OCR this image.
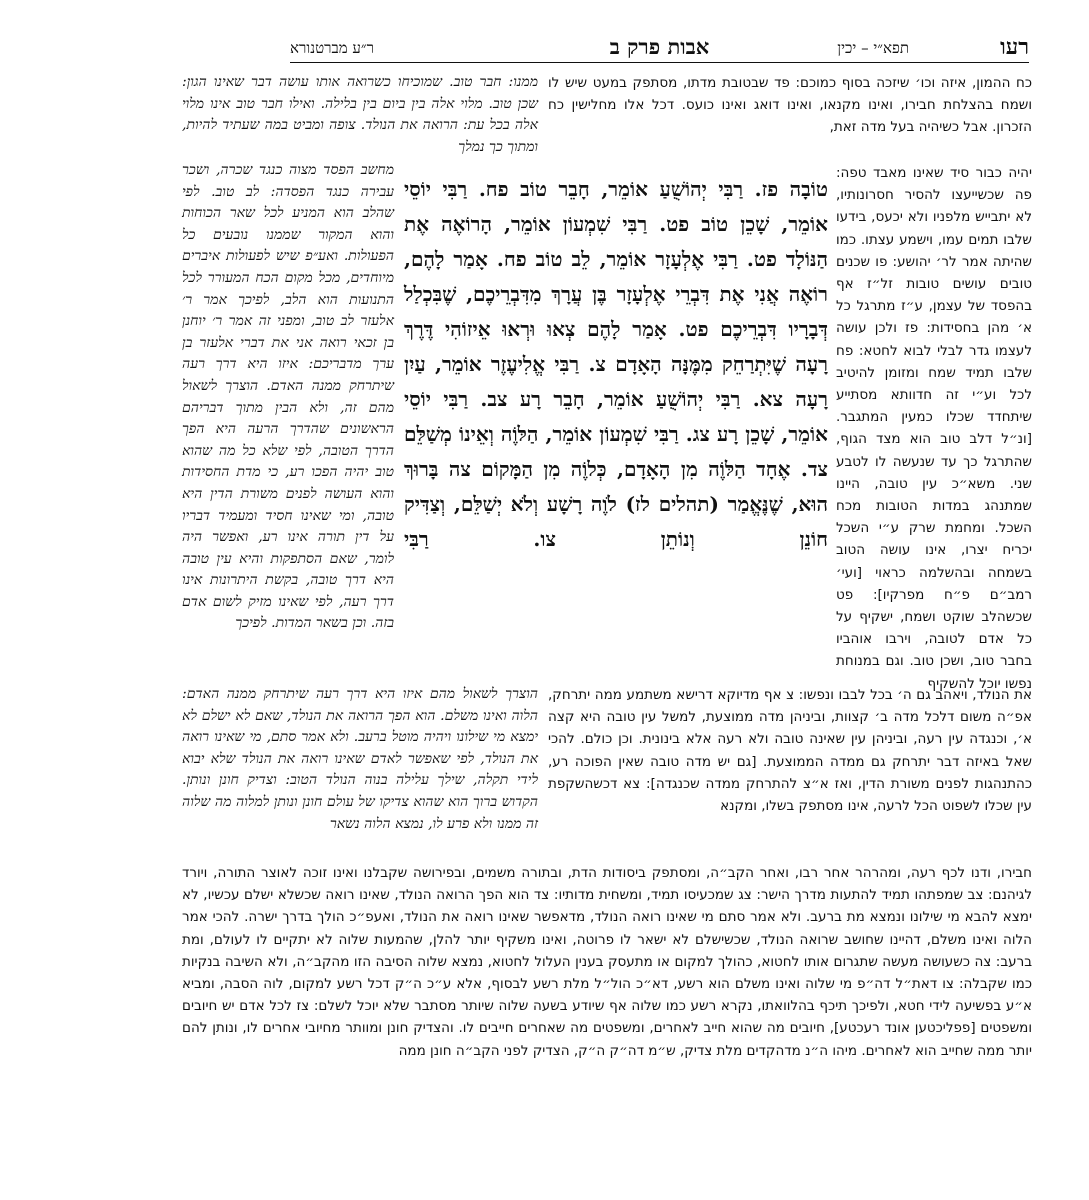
רעו
תפא״י – יכין
אבות פרק ב
ר״ע מברטנורא

כח ההמון, איזה וכו׳ שיזכה בסוף כמוכם: פד שבטובת מדתו, מסתפק במעט שיש לו ושמח בהצלחת חבירו, ואינו מקנאו, ואינו דואג ואינו כועס. דכל אלו מחלישין כח הזכרון. אבל כשיהיה בעל מדה זאת,

יהיה כבור סיד שאינו מאבד טפה: פה שכשייעצו להסיר חסרונותיו, לא יתבייש מלפניו ולא יכעס, בידעו שלבו תמים עמו, וישמע עצתו. כמו שהיתה אמר לר׳ יהושע: פו שכנים טובים עושים טובות זל״ז אף בהפסד של עצמן, ע״ז מתרגל כל א׳ מהן בחסידות: פז ולכן עושה לעצמו גדר לבלי לבוא לחטא: פח שלבו תמיד שמח ומזומן להיטיב לכל וע״י זה חדוותא מסתייע שיתחדד שכלו כמעין המתגבר. [ונ״ל דלב טוב הוא מצד הגוף, שהתרגל כך עד שנעשה לו לטבע שני. משא״כ עין טובה, היינו שמתנהג במדות הטובות מכח השכל. ומחמת שרק ע״י השכל יכריח יצרו, אינו עושה הטוב בשמחה ובהשלמה כראוי [ועי׳ רמב״ם פ״ח מפרקיו]: פט שכשהלב שוקט ושמח, ישקיף על כל אדם לטובה, וירבו אוהביו בחבר טוב, ושכן טוב. וגם במנוחת נפשו יוכל להשקיף

את הנולד, ויאהב גם ה׳ בכל לבבו ונפשו: צ אף מדיוקא דרישא משתמע ממה יתרחק, אפ״ה משום דלכל מדה ב׳ קצוות, וביניהן מדה ממוצעת, למשל עין טובה היא קצה א׳, וכנגדה עין רעה, וביניהן עין שאינה טובה ולא רעה אלא בינונית. וכן כולם. להכי שאל באיזה דבר יתרחק גם ממדה הממוצעת. [גם יש מדה טובה שאין הפוכה רע, כהתנהגות לפנים משורת הדין, ואז א״צ להתרחק ממדה שכנגדה]: צא דכשהשקפת עין שכלו לשפוט הכל לרעה, אינו מסתפק בשלו, ומקנא

ממנו: חבר טוב. שמוכיחו כשרואה אותו עושה דבר שאינו הגון: שכן טוב. מלוי אלה בין ביום בין בלילה. ואילו חבר טוב אינו מלוי אלה בכל עת: הרואה את הנולד. צופה ומביט במה שעתיד להיות, ומתוך כך נמלך

מחשב הפסד מצוה כנגד שכרה, ושכר עבירה כנגד הפסדה: לב טוב. לפי שהלב הוא המניע לכל שאר הכוחות והוא המקור שממנו נובעים כל הפעולות. ואע״פ שיש לפעולות איברים מיוחדים, מכל מקום הכח המעורר לכל התנועות הוא הלב, לפיכך אמר ר׳ אלעזר לב טוב, ומפני זה אמר ר׳ יוחנן בן זכאי רואה אני את דברי אלעזר בן ערך מדבריכם: איזו היא דרך רעה שיתרחק ממנה האדם. הוצרך לשאול מהם זה, ולא הבין מתוך דבריהם הראשונים שהדרך הרעה היא הפך הדרך הטובה, לפי שלא כל מה שהוא טוב יהיה הפכו רע, כי מדת החסידות והוא העושה לפנים משורת הדין היא טובה, ומי שאינו חסיד ומעמיד דבריו על דין תורה אינו רע, ואפשר היה לומר, שאם הסתפקות והיא עין טובה היא דרך טובה, בקשת היתרונות אינו דרך רעה, לפי שאינו מזיק לשום אדם בזה. וכן בשאר המדות. לפיכך

הוצרך לשאול מהם איזו היא דרך רעה שיתרחק ממנה האדם: הלוה ואינו משלם. הוא הפך הרואה את הנולד, שאם לא ישלם לא ימצא מי שילונו ויהיה מוטל ברעב. ולא אמר סתם, מי שאינו רואה את הנולד, לפי שאפשר לאדם שאינו רואה את הנולד שלא יבוא לידי תקלה, שילך עלילה בנוה הנולד הטוב: וצדיק חונן ונותן. הקדוש ברוך הוא שהוא צדיקו של עולם חונן ונותן למלוה מה שלוה זה ממנו ולא פרע לו, נמצא הלוה נשאר

טוֹבָה פז. רַבִּי יְהוֹשֻׁעַ אוֹמֵר, חָבֵר טוֹב פח. רַבִּי יוֹסֵי אוֹמֵר, שָׁכֵן טוֹב פט. רַבִּי שִׁמְעוֹן אוֹמֵר, הָרוֹאֶה אֶת הַנּוֹלָד פט. רַבִּי אֶלְעָזָר אוֹמֵר, לֵב טוֹב פח. אָמַר לָהֶם, רוֹאֶה אֲנִי אֶת דִּבְרֵי אֶלְעָזָר בֶּן עֲרָךְ מִדִּבְרֵיכֶם, שֶׁבִּכְלַל דְּבָרָיו דִּבְרֵיכֶם פט. אָמַר לָהֶם צְאוּ וּרְאוּ אֵיזוֹהִי דֶּרֶךְ רָעָה שֶׁיִּתְרַחֵק מִמֶּנָּה הָאָדָם צ. רַבִּי אֱלִיעֶזֶר אוֹמֵר, עַיִן רָעָה צא. רַבִּי יְהוֹשֻׁעַ אוֹמֵר, חָבֵר רָע צב. רַבִּי יוֹסֵי אוֹמֵר, שָׁכֵן רָע צג. רַבִּי שִׁמְעוֹן אוֹמֵר, הַלּוֶֹה וְאֵינוֹ מְשַׁלֵּם צד. אֶחָד הַלּוֶֹה מִן הָאָדָם, כְּלוֶֹה מִן הַמָּקוֹם צה בָּרוּךְ הוּא, שֶׁנֶּאֱמַר (תהלים לז) לֹוֶה רָשָׁע וְלֹא יְשַׁלֵּם, וְצַדִּיק חוֹנֵן וְנוֹתֵן צו. רַבִּי

חבירו, ודנו לכף רעה, ומהרהר אחר רבו, ואחר הקב״ה, ומסתפק ביסודות הדת, ובתורה משמים, ובפירושה שקבלנו ואינו זוכה לאוצר התורה, ויורד לגיהנם: צב שמפתהו תמיד להתעות מדרך הישר: צג שמכעיסו תמיד, ומשחית מדותיו: צד הוא הפך הרואה הנולד, שאינו רואה שכשלא ישלם עכשיו, לא ימצא להבא מי שילונו ונמצא מת ברעב. ולא אמר סתם מי שאינו רואה הנולד, מדאפשר שאינו רואה את הנולד, ואעפ״כ הולך בדרך ישרה. להכי אמר הלוה ואינו משלם, דהיינו שחושב שרואה הנולד, שכשישלם לא ישאר לו פרוטה, ואינו משקיף יותר להלן, שהמעות שלוה לא יתקיים לו לעולם, ומת ברעב: צה כשעושה מעשה שתגרום אותו לחטוא, כהולך למקום או מתעסק בענין העלול לחטוא, נמצא שלוה הסיבה הזו מהקב״ה, ולא השיבה בנקיות כמו שקבלה: צו דאת״ל דה״פ מי שלוה ואינו משלם הוא רשע, דא״כ הול״ל מלת רשע לבסוף, אלא ע״כ ה״ק דכל רשע למקום, לוה הסבה, ומביא א״ע בפשיעה לידי חטא, ולפיכך תיכף בהלוואתו, נקרא רשע כמו שלוה אף שיודע בשעה שלוה שיותר מסתבר שלא יוכל לשלם: צז לכל אדם יש חיובים ומשפטים [פפליכטען אונד רעכטע], חיובים מה שהוא חייב לאחרים, ומשפטים מה שאחרים חייבים לו. והצדיק חונן ומוותר מחיובי אחרים לו, ונותן להם יותר ממה שחייב הוא לאחרים. מיהו ה״נ מדהקדים מלת צדיק, ש״מ דה״ק ה״ק, הצדיק לפני הקב״ה חונן ממה
